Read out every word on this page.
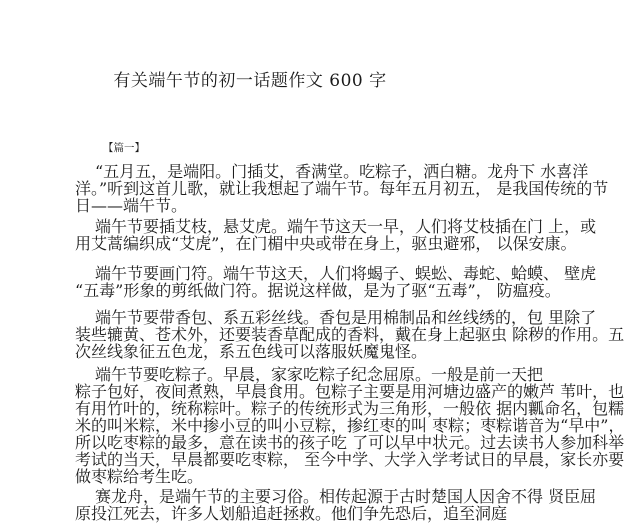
有关端午节的初一话题作文 600 字
【篇一】
“五月五，是端阳。门插艾，香满堂。吃粽子，洒白糖。龙舟下 水喜洋
洋。”听到这首儿歌，就让我想起了端午节。每年五月初五， 是我国传统的节
日——端午节。
端午节要插艾枝，悬艾虎。端午节这天一早，人们将艾枝插在门 上，或
用艾蒿编织成“艾虎”，在门楣中央或带在身上，驱虫避邪， 以保安康。
端午节要画门符。端午节这天，人们将蝎子、蜈蚣、毒蛇、蛤蟆、 壁虎
“五毒”形象的剪纸做门符。据说这样做，是为了驱“五毒”， 防瘟疫。
端午节要带香包、系五彩丝线。香包是用棉制品和丝线绣的，包 里除了
装些辘黄、苍术外，还要装香草配成的香料，戴在身上起驱虫 除秽的作用。五
次丝线象征五色龙，系五色线可以落服妖魔鬼怪。
端午节要吃粽子。早晨，家家吃粽子纪念屈原。一般是前一天把
粽子包好，夜间煮熟，早晨食用。包粽子主要是用河塘边盛产的嫩芦 苇叶，也
有用竹叶的，统称粽叶。粽子的传统形式为三角形，一般依 据内瓤命名，包糯
米的叫米粽，米中掺小豆的叫小豆粽，掺红枣的叫 枣粽；枣粽谐音为“早中”，
所以吃枣粽的最多，意在读书的孩子吃 了可以早中状元。过去读书人参加科举
考试的当天，早晨都要吃枣粽， 至今中学、大学入学考试日的早晨，家长亦要
做枣粽给考生吃。
赛龙舟，是端午节的主要习俗。相传起源于古时楚国人因舍不得 贤臣屈
原投江死去，许多人划船追赶拯救。他们争先恐后，追至洞庭
